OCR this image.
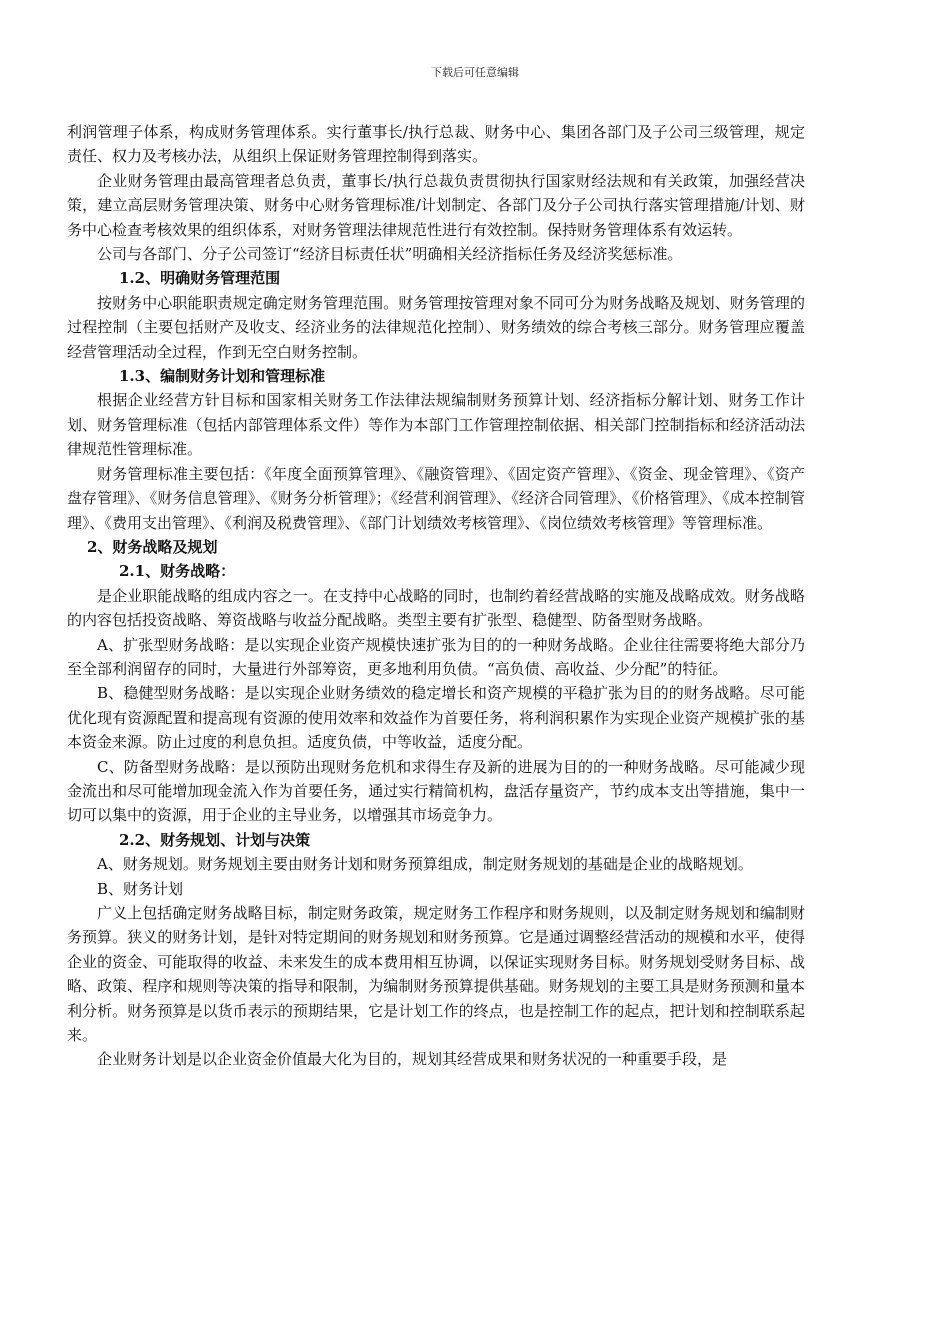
下载后可任意编辑

利润管理子体系，构成财务管理体系。实行董事长/执行总裁、财务中心、集团各部门及子公司三级管理，规定责任、权力及考核办法，从组织上保证财务管理控制得到落实。

企业财务管理由最高管理者总负责，董事长/执行总裁负责贯彻执行国家财经法规和有关政策，加强经营决策，建立高层财务管理决策、财务中心财务管理标准/计划制定、各部门及分子公司执行落实管理措施/计划、财务中心检查考核效果的组织体系，对财务管理法律规范性进行有效控制。保持财务管理体系有效运转。

公司与各部门、分子公司签订“经济目标责任状”明确相关经济指标任务及经济奖惩标准。

1.2、明确财务管理范围

按财务中心职能职责规定确定财务管理范围。财务管理按管理对象不同可分为财务战略及规划、财务管理的过程控制（主要包括财产及收支、经济业务的法律规范化控制）、财务绩效的综合考核三部分。财务管理应覆盖经营管理活动全过程，作到无空白财务控制。

1.3、编制财务计划和管理标准

根据企业经营方针目标和国家相关财务工作法律法规编制财务预算计划、经济指标分解计划、财务工作计划、财务管理标准（包括内部管理体系文件）等作为本部门工作管理控制依据、相关部门控制指标和经济活动法律规范性管理标准。

财务管理标准主要包括：《年度全面预算管理》、《融资管理》、《固定资产管理》、《资金、现金管理》、《资产盘存管理》、《财务信息管理》、《财务分析管理》；《经营利润管理》、《经济合同管理》、《价格管理》、《成本控制管理》、《费用支出管理》、《利润及税费管理》、《部门计划绩效考核管理》、《岗位绩效考核管理》等管理标准。

2、财务战略及规划

2.1、财务战略：

是企业职能战略的组成内容之一。在支持中心战略的同时，也制约着经营战略的实施及战略成效。财务战略的内容包括投资战略、筹资战略与收益分配战略。类型主要有扩张型、稳健型、防备型财务战略。

A、扩张型财务战略：是以实现企业资产规模快速扩张为目的的一种财务战略。企业往往需要将绝大部分乃至全部利润留存的同时，大量进行外部筹资，更多地利用负债。“高负债、高收益、少分配”的特征。

B、稳健型财务战略：是以实现企业财务绩效的稳定增长和资产规模的平稳扩张为目的的财务战略。尽可能优化现有资源配置和提高现有资源的使用效率和效益作为首要任务，将利润积累作为实现企业资产规模扩张的基本资金来源。防止过度的利息负担。适度负债，中等收益，适度分配。

C、防备型财务战略：是以预防出现财务危机和求得生存及新的进展为目的的一种财务战略。尽可能减少现金流出和尽可能增加现金流入作为首要任务，通过实行精简机构，盘活存量资产，节约成本支出等措施，集中一切可以集中的资源，用于企业的主导业务，以增强其市场竞争力。

2.2、财务规划、计划与决策

A、财务规划。财务规划主要由财务计划和财务预算组成，制定财务规划的基础是企业的战略规划。

B、财务计划

广义上包括确定财务战略目标，制定财务政策，规定财务工作程序和财务规则，以及制定财务规划和编制财务预算。狭义的财务计划，是针对特定期间的财务规划和财务预算。它是通过调整经营活动的规模和水平，使得企业的资金、可能取得的收益、未来发生的成本费用相互协调，以保证实现财务目标。财务规划受财务目标、战略、政策、程序和规则等决策的指导和限制，为编制财务预算提供基础。财务规划的主要工具是财务预测和量本利分析。财务预算是以货币表示的预期结果，它是计划工作的终点，也是控制工作的起点，把计划和控制联系起来。

企业财务计划是以企业资金价值最大化为目的，规划其经营成果和财务状况的一种重要手段，是
